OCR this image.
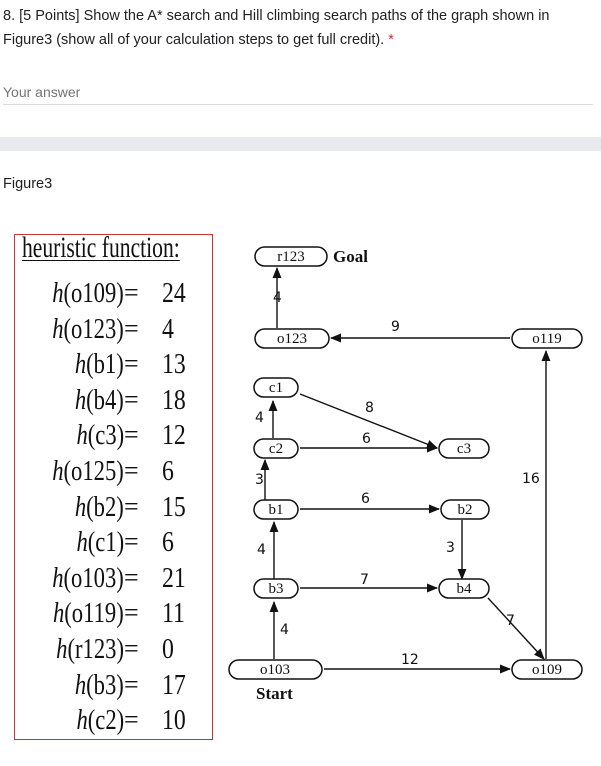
8. [5 Points] Show the A* search and Hill climbing search paths of the graph shown in Figure3 (show all of your calculation steps to get full credit). *
Your answer
Figure3
heuristic function:
h(o109) = 24
h(o123) = 4
h(b1) = 13
h(b4) = 18
h(c3) = 12
h(o125) = 6
h(b2) = 15
h(c1) = 6
h(o103) = 21
h(o119) = 11
h(r123) = 0
h(b3) = 17
h(c2) = 10
4
9
8
6
4
3
6
16
3
4
7
7
4
12
r123 Goal
o123	o119
c1
c2	c3
b1	b2
b3	b4
o103
Start
o109
